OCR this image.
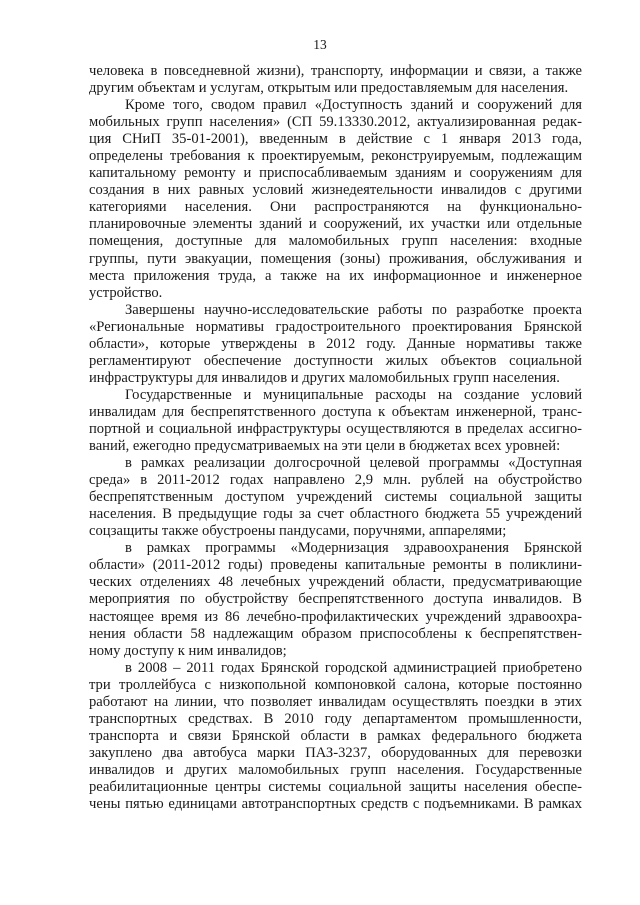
13
человека в повседневной жизни), транспорту, информации и связи, а также
другим объектам и услугам, открытым или предоставляемым для населения.
Кроме того, сводом правил «Доступность зданий и сооружений для
мобильных групп населения» (СП 59.13330.2012, актуализированная редак-
ция СНиП 35-01-2001), введенным в действие с 1 января 2013 года,
определены требования к проектируемым, реконструируемым, подлежащим
капитальному ремонту и приспосабливаемым зданиям и сооружениям для
создания в них равных условий жизнедеятельности инвалидов с другими
категориями населения. Они распространяются на функционально-
планировочные элементы зданий и сооружений, их участки или отдельные
помещения, доступные для маломобильных групп населения: входные
группы, пути эвакуации, помещения (зоны) проживания, обслуживания и
места приложения труда, а также на их информационное и инженерное
устройство.
Завершены научно-исследовательские работы по разработке проекта
«Региональные нормативы градостроительного проектирования Брянской
области», которые утверждены в 2012 году. Данные нормативы также
регламентируют обеспечение доступности жилых объектов социальной
инфраструктуры для инвалидов и других маломобильных групп населения.
Государственные и муниципальные расходы на создание условий
инвалидам для беспрепятственного доступа к объектам инженерной, транс-
портной и социальной инфраструктуры осуществляются в пределах ассигно-
ваний, ежегодно предусматриваемых на эти цели в бюджетах всех уровней:
в рамках реализации долгосрочной целевой программы «Доступная
среда» в 2011-2012 годах направлено 2,9 млн. рублей на обустройство
беспрепятственным доступом учреждений системы социальной защиты
населения. В предыдущие годы за счет областного бюджета 55 учреждений
соцзащиты также обустроены пандусами, поручнями, аппарелями;
в рамках программы «Модернизация здравоохранения Брянской
области» (2011-2012 годы) проведены капитальные ремонты в поликлини-
ческих отделениях 48 лечебных учреждений области, предусматривающие
мероприятия по обустройству беспрепятственного доступа инвалидов. В
настоящее время из 86 лечебно-профилактических учреждений здравоохра-
нения области 58 надлежащим образом приспособлены к беспрепятствен-
ному доступу к ним инвалидов;
в 2008 – 2011 годах Брянской городской администрацией приобретено
три троллейбуса с низкопольной компоновкой салона, которые постоянно
работают на линии, что позволяет инвалидам осуществлять поездки в этих
транспортных средствах. В 2010 году департаментом промышленности,
транспорта и связи Брянской области в рамках федерального бюджета
закуплено два автобуса марки ПАЗ-3237, оборудованных для перевозки
инвалидов и других маломобильных групп населения. Государственные
реабилитационные центры системы социальной защиты населения обеспе-
чены пятью единицами автотранспортных средств с подъемниками. В рамках
